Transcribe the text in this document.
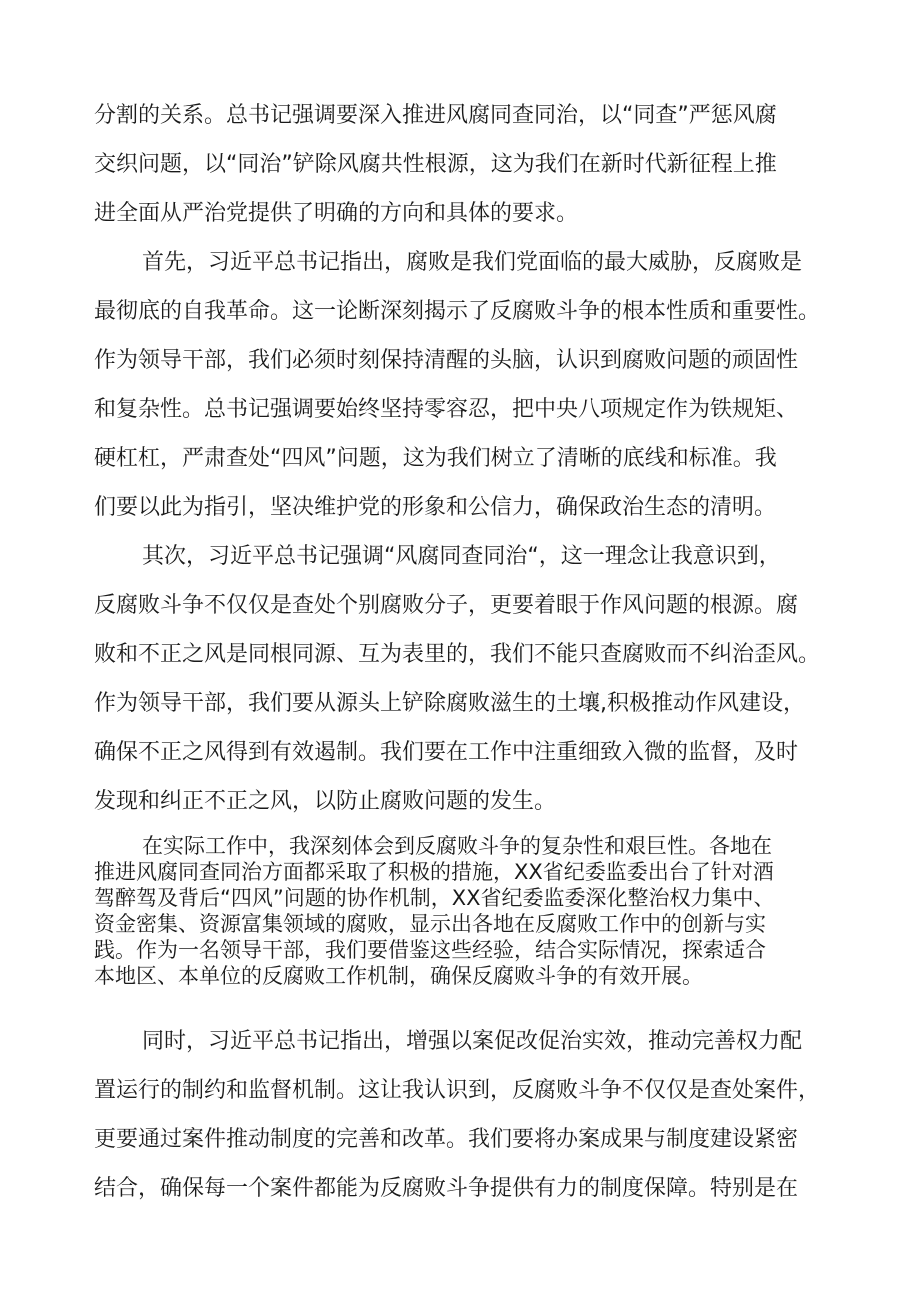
分割的关系。总书记强调要深入推进风腐同查同治，以“同查”严惩风腐
交织问题，以“同治”铲除风腐共性根源，这为我们在新时代新征程上推
进全面从严治党提供了明确的方向和具体的要求。
首先，习近平总书记指出，腐败是我们党面临的最大威胁，反腐败是
最彻底的自我革命。这一论断深刻揭示了反腐败斗争的根本性质和重要性。
作为领导干部，我们必须时刻保持清醒的头脑，认识到腐败问题的顽固性
和复杂性。总书记强调要始终坚持零容忍，把中央八项规定作为铁规矩、
硬杠杠，严肃查处“四风”问题，这为我们树立了清晰的底线和标准。我
们要以此为指引，坚决维护党的形象和公信力，确保政治生态的清明。
其次，习近平总书记强调“风腐同查同治“，这一理念让我意识到，
反腐败斗争不仅仅是查处个别腐败分子，更要着眼于作风问题的根源。腐
败和不正之风是同根同源、互为表里的，我们不能只查腐败而不纠治歪风。
作为领导干部，我们要从源头上铲除腐败滋生的土壤,积极推动作风建设，
确保不正之风得到有效遏制。我们要在工作中注重细致入微的监督，及时
发现和纠正不正之风，以防止腐败问题的发生。
在实际工作中，我深刻体会到反腐败斗争的复杂性和艰巨性。各地在
推进风腐同查同治方面都采取了积极的措施，XX省纪委监委出台了针对酒
驾醉驾及背后“四风”问题的协作机制，XX省纪委监委深化整治权力集中、
资金密集、资源富集领域的腐败，显示出各地在反腐败工作中的创新与实
践。作为一名领导干部，我们要借鉴这些经验，结合实际情况，探索适合
本地区、本单位的反腐败工作机制，确保反腐败斗争的有效开展。
同时，习近平总书记指出，增强以案促改促治实效，推动完善权力配
置运行的制约和监督机制。这让我认识到，反腐败斗争不仅仅是查处案件，
更要通过案件推动制度的完善和改革。我们要将办案成果与制度建设紧密
结合，确保每一个案件都能为反腐败斗争提供有力的制度保障。特别是在
